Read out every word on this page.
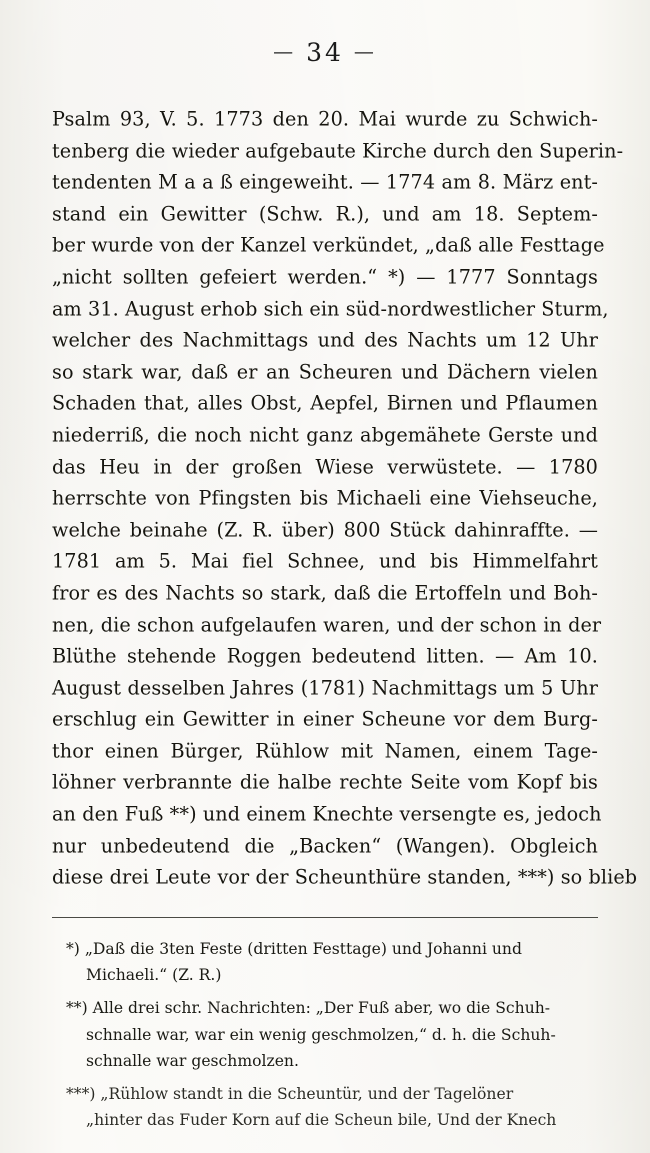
— 34 —
Psalm 93, V. 5. 1773 den 20. Mai wurde zu Schwich-
tenberg die wieder aufgebaute Kirche durch den Superin-
tendenten M a a ß eingeweiht. — 1774 am 8. März ent-
stand ein Gewitter (Schw. R.), und am 18. Septem-
ber wurde von der Kanzel verkündet, „daß alle Festtage
„nicht sollten gefeiert werden.“ *) — 1777 Sonntags
am 31. August erhob sich ein süd-nordwestlicher Sturm,
welcher des Nachmittags und des Nachts um 12 Uhr
so stark war, daß er an Scheuren und Dächern vielen
Schaden that, alles Obst, Aepfel, Birnen und Pflaumen
niederriß, die noch nicht ganz abgemähete Gerste und
das Heu in der großen Wiese verwüstete. — 1780
herrschte von Pfingsten bis Michaeli eine Viehseuche,
welche beinahe (Z. R. über) 800 Stück dahinraffte. —
1781 am 5. Mai fiel Schnee, und bis Himmelfahrt
fror es des Nachts so stark, daß die Ertoffeln und Boh-
nen, die schon aufgelaufen waren, und der schon in der
Blüthe stehende Roggen bedeutend litten. — Am 10.
August desselben Jahres (1781) Nachmittags um 5 Uhr
erschlug ein Gewitter in einer Scheune vor dem Burg-
thor einen Bürger, Rühlow mit Namen, einem Tage-
löhner verbrannte die halbe rechte Seite vom Kopf bis
an den Fuß **) und einem Knechte versengte es, jedoch
nur unbedeutend die „Backen“ (Wangen). Obgleich
diese drei Leute vor der Scheunthüre standen, ***) so blieb
*) „Daß die 3ten Feste (dritten Festtage) und Johanni und
Michaeli.“ (Z. R.)
**) Alle drei schr. Nachrichten: „Der Fuß aber, wo die Schuh-
schnalle war, war ein wenig geschmolzen,“ d. h. die Schuh-
schnalle war geschmolzen.
***) „Rühlow standt in die Scheuntür, und der Tagelöner
„hinter das Fuder Korn auf die Scheun bile, Und der Knech
